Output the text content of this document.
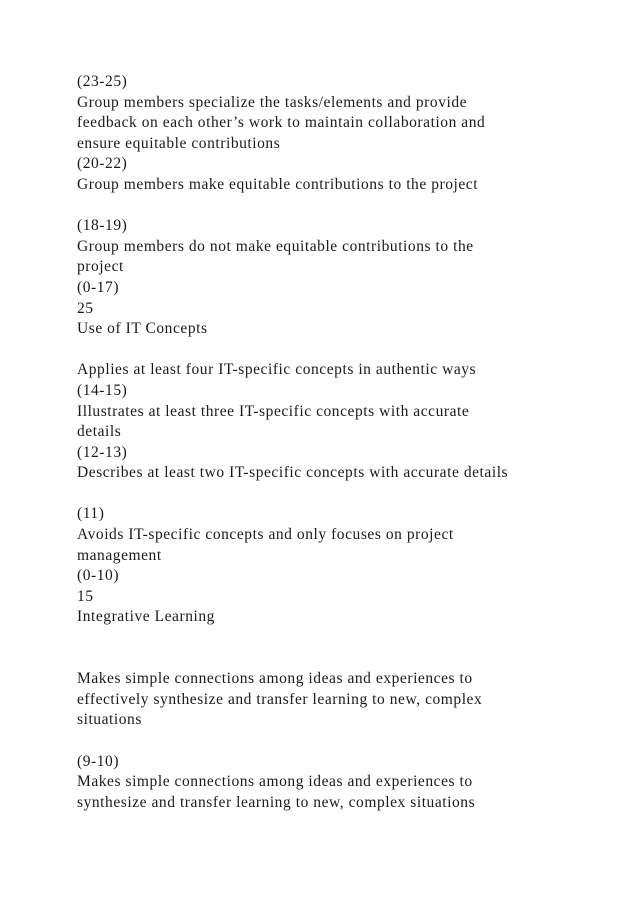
(23-25)
Group members specialize the tasks/elements and provide
feedback on each other’s work to maintain collaboration and
ensure equitable contributions
(20-22)
Group members make equitable contributions to the project
(18-19)
Group members do not make equitable contributions to the
project
(0-17)
25
Use of IT Concepts
Applies at least four IT-specific concepts in authentic ways
(14-15)
Illustrates at least three IT-specific concepts with accurate
details
(12-13)
Describes at least two IT-specific concepts with accurate details
(11)
Avoids IT-specific concepts and only focuses on project
management
(0-10)
15
Integrative Learning
Makes simple connections among ideas and experiences to
effectively synthesize and transfer learning to new, complex
situations
(9-10)
Makes simple connections among ideas and experiences to
synthesize and transfer learning to new, complex situations
